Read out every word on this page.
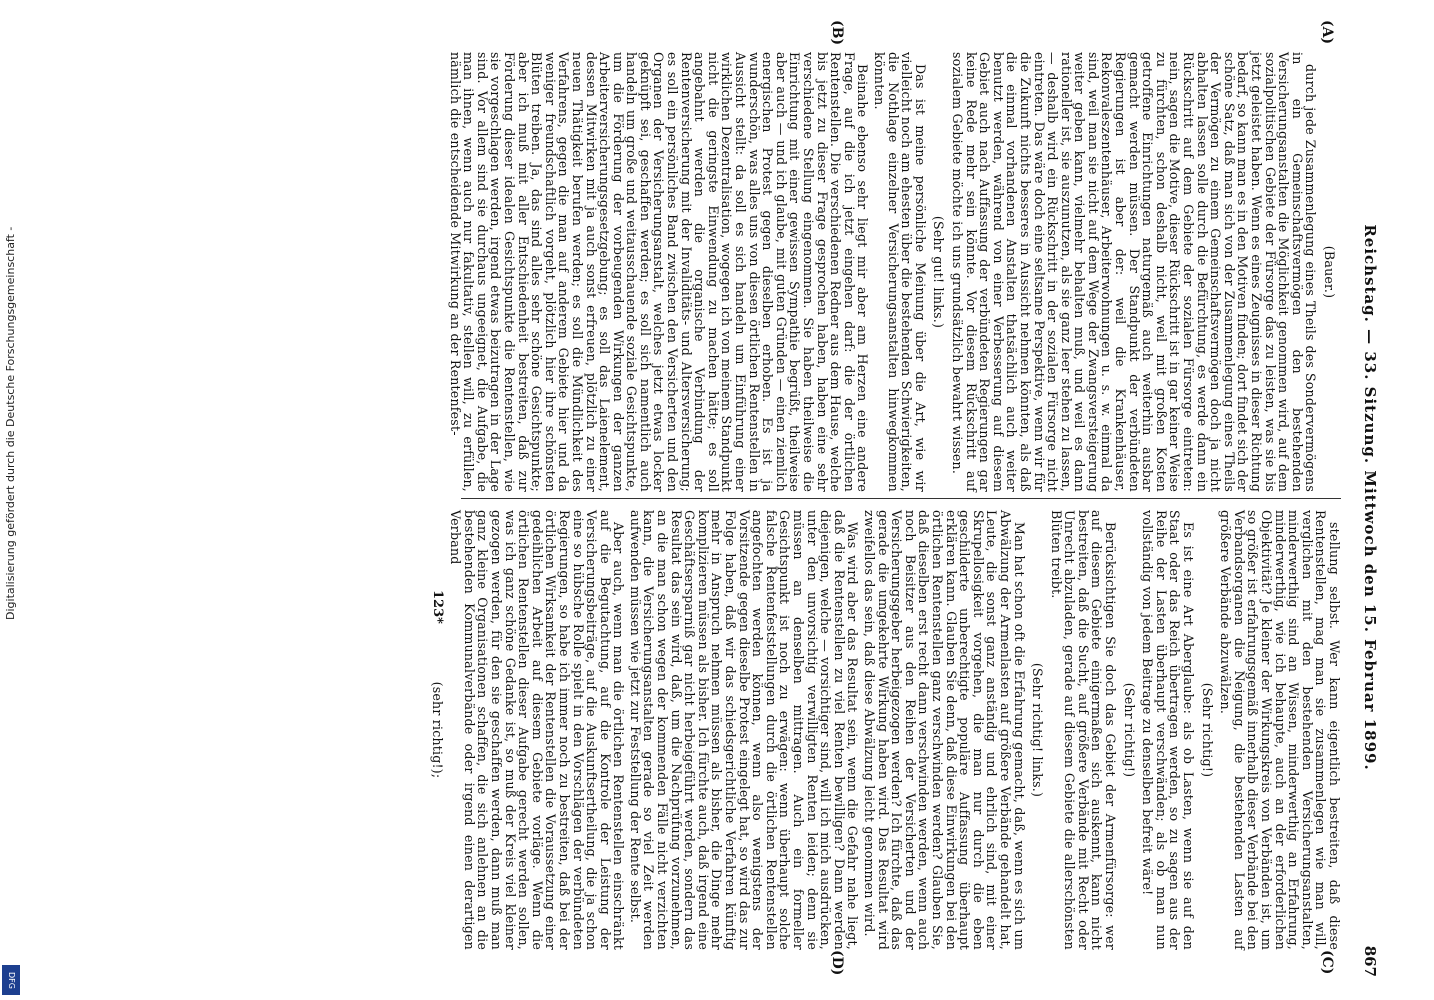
Reichstag. — 33. Sitzung. Mittwoch den 15. Februar 1899.
867
(A)
(B)
(C)
(D)

(Bauer.)

durch jede Zusammenlegung eines Theils des Sondervermögens in ein Gemeinschaftsvermögen den bestehenden Versicherungsanstalten die Möglichkeit genommen wird, auf dem sozialpolitischen Gebiete der Fürsorge das zu leisten, was sie bis jetzt geleistet haben. Wenn es eines Zeugnisses in dieser Richtung bedarf, so kann man es in den Motiven finden; dort findet sich der schöne Satz, daß man sich von der Zusammenlegung eines Theils der Vermögen zu einem Gemeinschaftsvermögen doch ja nicht abhalten lassen solle durch die Befürchtung, es werde dann ein Rückschritt auf dem Gebiete der sozialen Fürsorge eintreten: nein, sagen die Motive, dieser Rückschritt ist in gar keiner Weise zu fürchten, schon deshalb nicht, weil mit großen Kosten getroffene Einrichtungen naturgemäß auch weiterhin ausbar gemacht werden müssen. Der Standpunkt der verbündeten Regierungen ist aber der: weil die Krankenhäuser, Rekonvaleszentenhäuser, Arbeiterwohnungen u. s. w. einmal da sind, weil man sie nicht auf dem Wege der Zwangsversteigerung weiter geben kann, vielmehr behalten muß, und weil es dann rationeller ist, sie auszunutzen, als sie ganz leer stehen zu lassen, — deshalb wird ein Rückschritt in der sozialen Fürsorge nicht eintreten. Das wäre doch eine seltsame Perspektive, wenn wir für die Zukunft nichts besseres in Aussicht nehmen könnten, als daß die einmal vorhandenen Anstalten thatsächlich auch weiter benutzt werden, während von einer Verbesserung auf diesem Gebiet auch nach Auffassung der verbündeten Regierungen gar keine Rede mehr sein könnte. Vor diesem Rückschritt auf sozialem Gebiete möchte ich uns grundsätzlich bewahrt wissen.

(Sehr gut! links.)

Das ist meine persönliche Meinung über die Art, wie wir vielleicht noch am ehesten über die bestehenden Schwierigkeiten, die Nothlage einzelner Versicherungsanstalten hinwegkommen könnten.

Beinahe ebenso sehr liegt mir aber am Herzen eine andere Frage, auf die ich jetzt eingehen darf: die der örtlichen Rentenstellen. Die verschiedenen Redner aus dem Hause, welche bis jetzt zu dieser Frage gesprochen haben, haben eine sehr verschiedene Stellung eingenommen. Sie haben theilweise die Einrichtung mit einer gewissen Sympathie begrüßt, theilweise aber auch — und ich glaube, mit guten Gründen — einen ziemlich energischen Protest gegen dieselben erhoben. Es ist ja wunderschön, was alles uns von diesen örtlichen Rentenstellen in Aussicht stellt: da soll es sich handeln um Einführung einer wirklichen Dezentralisation, wogegen ich von meinem Standpunkt nicht die geringste Einwendung zu machen hätte; es soll angebahnt werden die organische Verbindung der Rentenversicherung mit der Invaliditäts- und Altersversicherung; es soll ein persönliches Band zwischen den Versicherten und den Organen der Versicherungsanstalt, welches jetzt etwas locker geknüpft sei, geschaffen werden; es soll sich namentlich auch handeln um große und weitausschauende soziale Gesichtspunkte, um die Förderung der vorbeugenden Wirkungen der ganzen Arbeiterversicherungsgesetzgebung; es soll das Laienelement, dessen Mitwirken mit ja auch sonst erfreuen, plötzlich zu einer neuen Thätigkeit berufen werden; es soll die Mündlichkeit des Verfahrens, gegen die man auf anderem Gebiete hier und da weniger freundschaftlich vorgeht, plötzlich hier ihre schönsten Blüten treiben. Ja, das sind alles sehr schöne Gesichtspunkte; aber ich muß mit aller Entschiedenheit bestreiten, daß zur Förderung dieser idealen Gesichtspunkte die Rentenstellen, wie sie vorgeschlagen werden, irgend etwas beizutragen in der Lage sind. Vor allem sind sie durchaus ungeeignet, die Aufgabe, die man ihnen, wenn auch nur fakultativ, stellen will, zu erfüllen, nämlich die entscheidende Mitwirkung an der Rentenfest-

stellung selbst. Wer kann eigentlich bestreiten, daß diese Rentenstellen, mag man sie zusammenlegen wie man will, verglichen mit den bestehenden Versicherungsanstalten, minderwerthig sind an Wissen, minderwerthig an Erfahrung, minderwerthig, wie ich behaupte, auch an der erforderlichen Objektivität? Je kleiner der Wirkungskreis von Verbänden ist, um so größer ist erfahrungsgemäß innerhalb dieser Verbände bei den Verbandsorganen die Neigung, die bestehenden Lasten auf größere Verbände abzuwälzen.

(Sehr richtig!)

Es ist eine Art Aberglaube: als ob Lasten, wenn sie auf den Staat oder das Reich übertragen werden, so zu sagen aus der Reihe der Lasten überhaupt verschwänden; als ob man nun vollständig von jedem Beitrage zu denselben befreit wäre!

(Sehr richtig!)

Berücksichtigen Sie doch das Gebiet der Armenfürsorge: wer auf diesem Gebiete einigermaßen sich auskennt, kann nicht bestreiten, daß die Sucht, auf größere Verbände mit Recht oder Unrecht abzuladen, gerade auf diesem Gebiete die allerschönsten Blüten treibt.

(Sehr richtig! links.)

Man hat schon oft die Erfahrung gemacht, daß, wenn es sich um Abwälzung der Armenlasten auf größere Verbände gehandelt hat, Leute, die sonst ganz anständig und ehrlich sind, mit einer Skrupellosigkeit vorgehen, die man nur durch die eben geschilderte unberechtigte populäre Auffassung überhaupt erklären kann. Glauben Sie denn, daß diese Einwirkungen bei den örtlichen Rentenstellen ganz verschwinden werden? Glauben Sie, daß dieselben erst recht dann verschwinden werden, wenn auch noch Beisitzer aus den Reihen der Versicherten und der Versicherungsgeber herbeigezogen werden? Ich fürchte, daß das gerade die umgekehrte Wirkung haben wird. Das Resultat wird zweifellos das sein, daß diese Abwälzung leicht genommen wird.

Was wird aber das Resultat sein, wenn die Gefahr nahe liegt, daß die Rentenstellen zu viel Renten bewilligen? Dann werden diejenigen, welche — vorsichtiger sind, will ich mich ausdrücken, unter den unvorsichtig verwilligten Renten leiden; denn sie müssen an denselben mittragen. Auch ein formeller Gesichtspunkt ist noch zu erwägen: wenn überhaupt solche falsche Rentenfeststellungen durch die örtlichen Rentenstellen angefochten werden können, wenn also wenigstens der Vorsitzende gegen dieselbe Protest eingelegt hat, so wird das zur Folge haben, daß wir das schiedsgerichtliche Verfahren künftig mehr in Anspruch nehmen müssen als bisher, die Dinge mehr komplizieren müssen als bisher. Ich fürchte auch, daß irgend eine Geschäftsersparniß gar nicht herbeigeführt werden, sondern das Resultat das sein wird, daß, um die Nachprüfung vorzunehmen, an die man schon wegen der kommenden Fälle nicht verzichten kann, die Versicherungsanstalten gerade so viel Zeit werden aufwenden müssen wie jetzt zur Feststellung der Rente selbst.

Aber auch, wenn man die örtlichen Rentenstellen einschränkt auf die Begutachtung, auf die Kontrole der Leistung der Versicherungsbeiträge, auf die Auskunftsertheilung, die ja schon eine so hübsche Rolle spielt in den Vorschlägen der verbündeten Regierungen, so habe ich immer noch zu bestreiten, daß bei der örtlichen Wirksamkeit der Rentenstellen die Voraussetzung einer gedeihlichen Arbeit auf diesem Gebiete vorläge. Wenn die örtlichen Rentenstellen dieser Aufgabe gerecht werden sollen, was ich ganz schöne Gedanke ist, so muß der Kreis viel kleiner gezogen werden, für den sie geschaffen werden, dann muß man ganz kleine Organisationen schaffen, die sich anlehnen an die bestehenden Kommunalverbände oder irgend einen derartigen Verband

(sehr richtig!);

123*
Digitalisierung gefördert durch die Deutsche Forschungsgemeinschaft -
DFG
